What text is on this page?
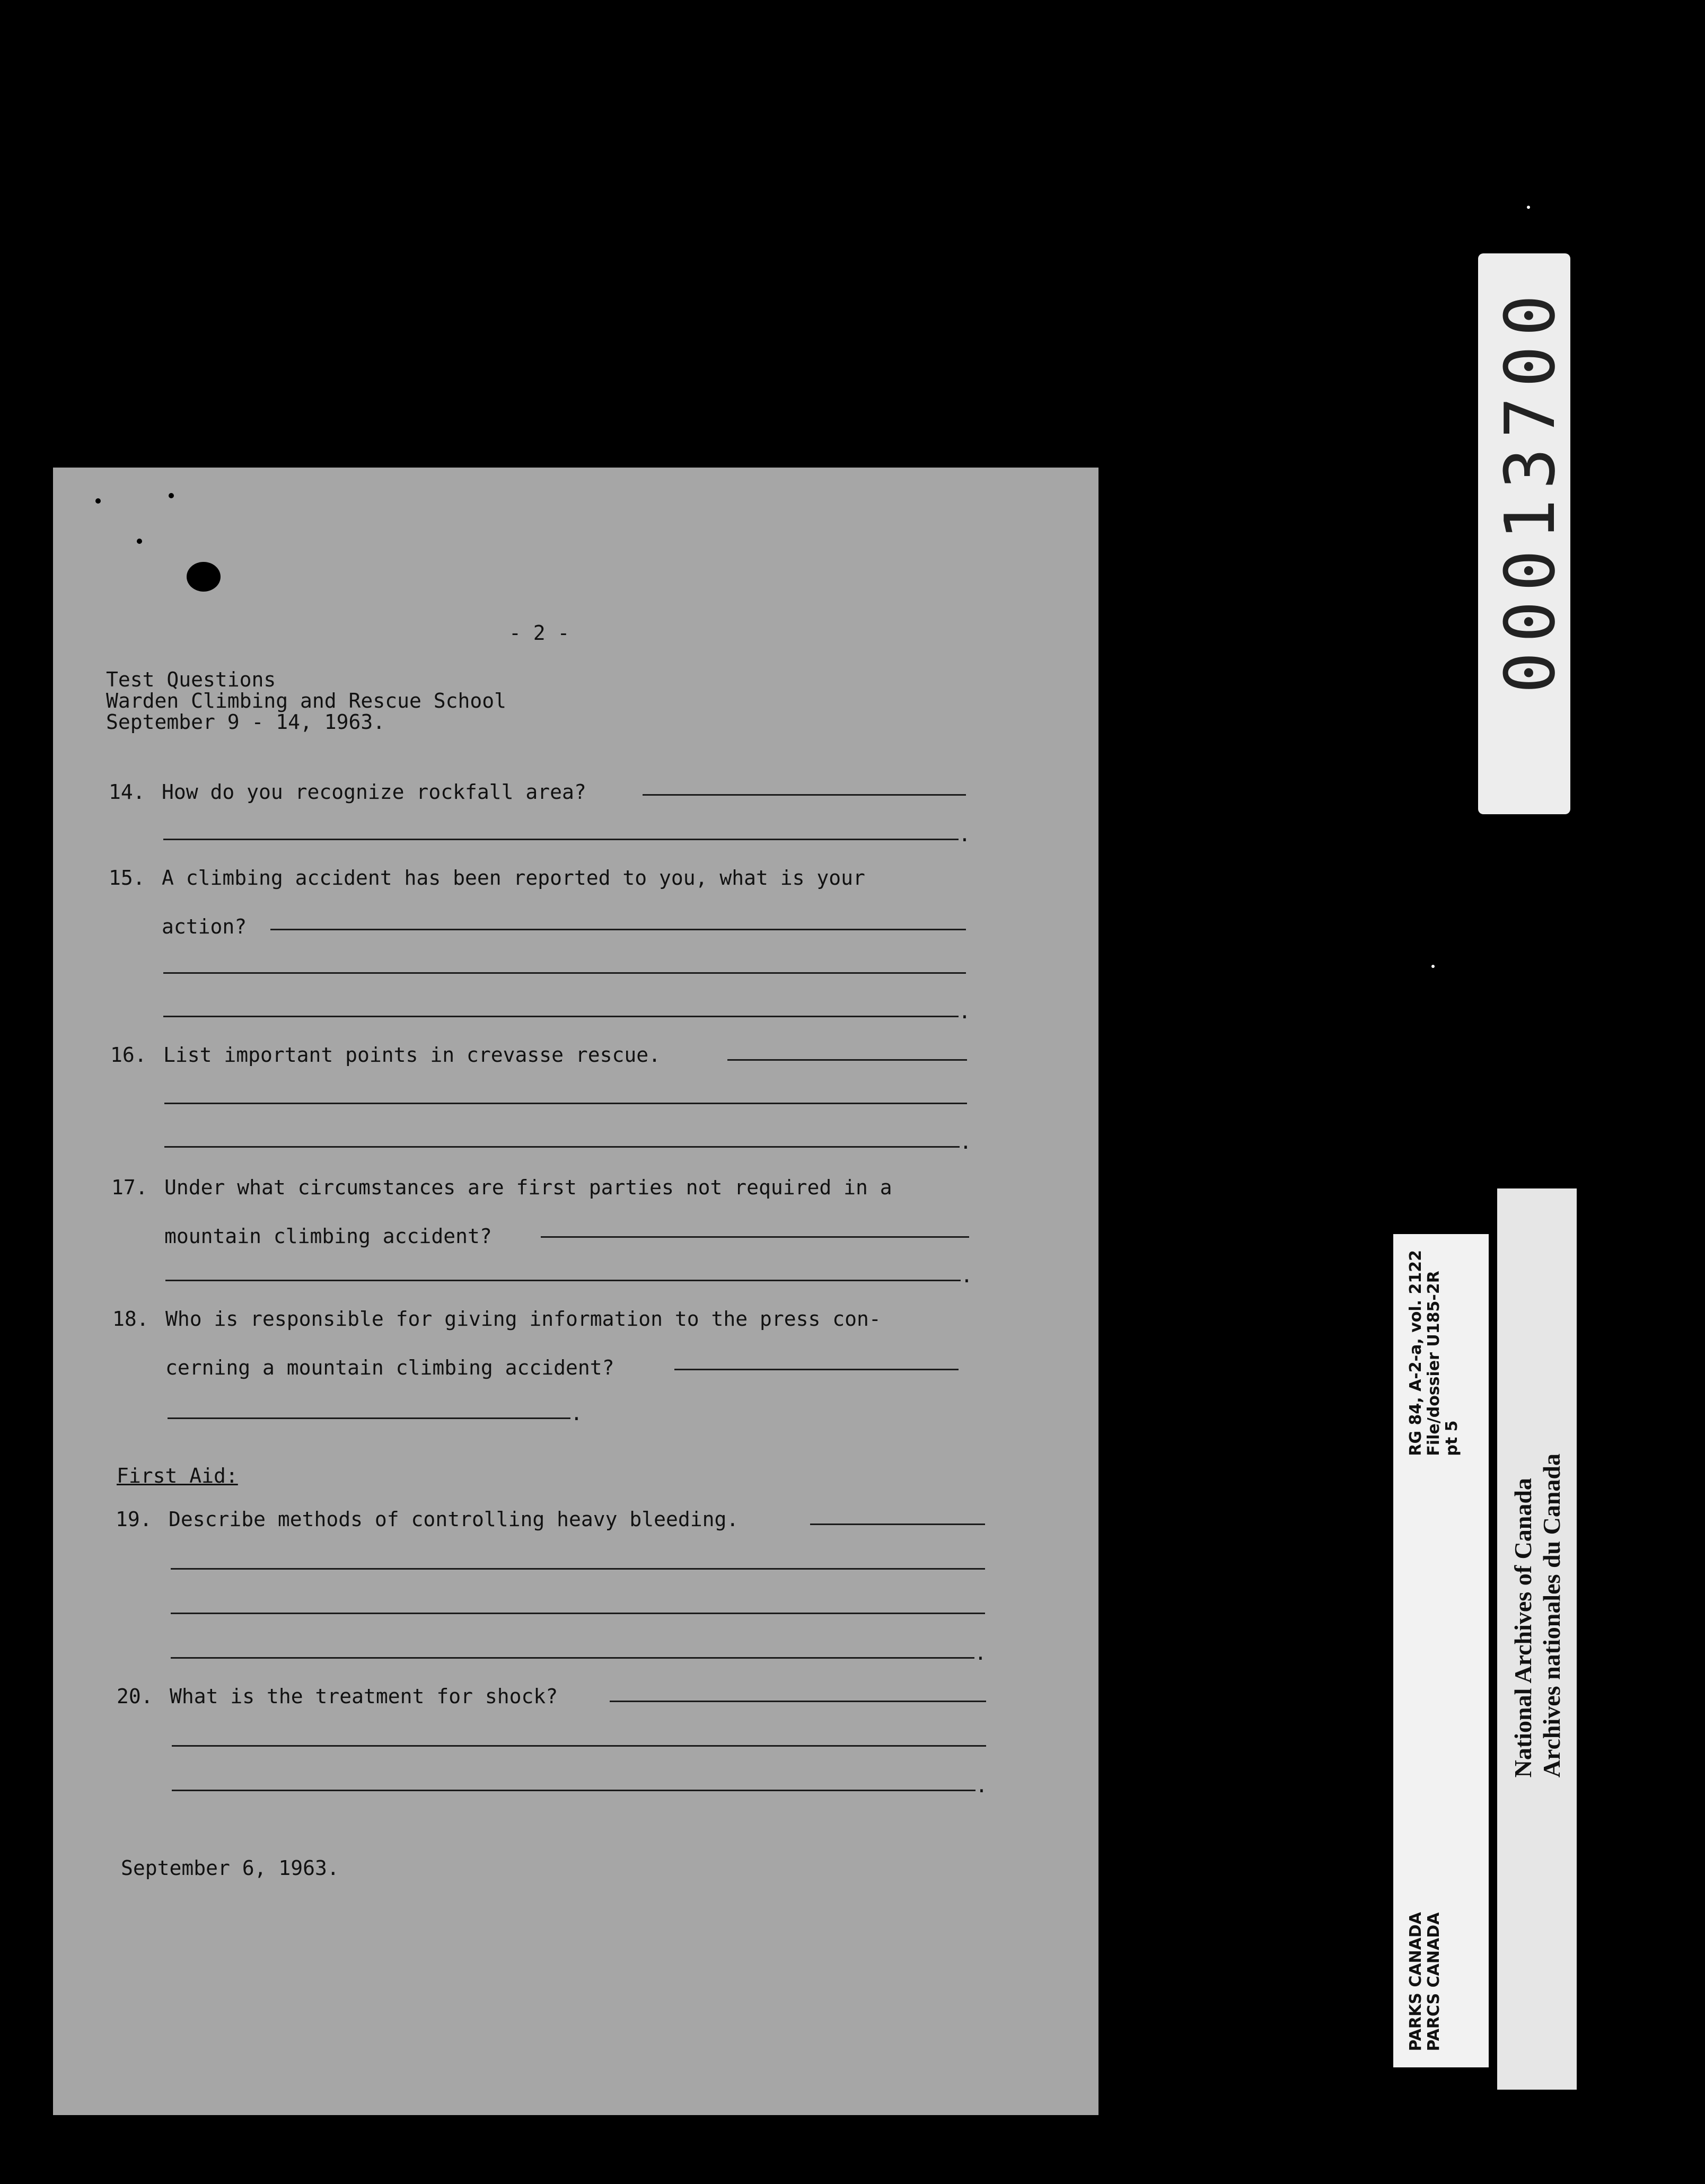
- 2 -
Test Questions
Warden Climbing and Rescue School
September 9 - 14, 1963.
14. How do you recognize rockfall area?
.
15. A climbing accident has been reported to you, what is your
action?
.
16. List important points in crevasse rescue.
.
17. Under what circumstances are first parties not required in a
mountain climbing accident?
.
18. Who is responsible for giving information to the press con-
cerning a mountain climbing accident?
.
First Aid:
19. Describe methods of controlling heavy bleeding.
.
20. What is the treatment for shock?
.
September 6, 1963.
00013700
RG 84, A-2-a, vol. 2122 File/dossier U185-2R pt 5
PARKS CANADA PARCS CANADA
National Archives of Canada Archives nationales du Canada
